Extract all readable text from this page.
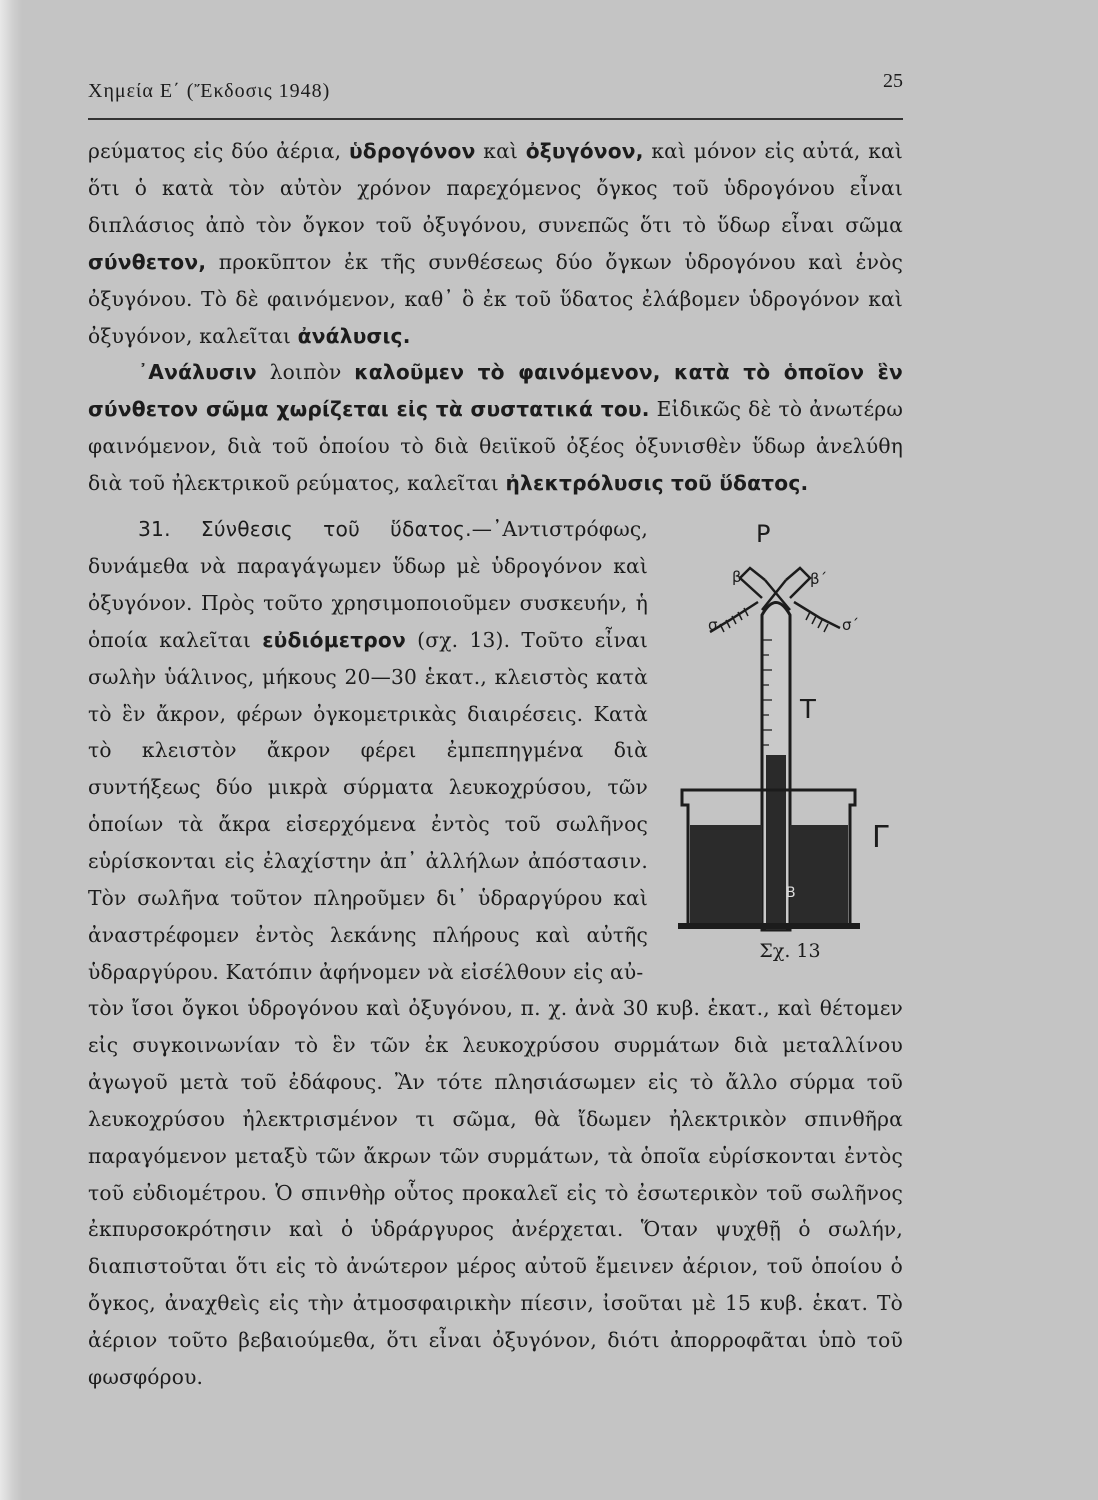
Χημεία Ε΄ (Ἔκδοσις 1948)	25

ρεύματος εἰς δύο ἀέρια, ὑδρογόνον καὶ ὀξυγόνον, καὶ μόνον εἰς αὐτά, καὶ ὅτι ὁ κατὰ τὸν αὐτὸν χρόνον παρεχόμενος ὄγκος τοῦ ὑδρογόνου εἶναι διπλάσιος ἀπὸ τὸν ὄγκον τοῦ ὀξυγόνου, συνεπῶς ὅτι τὸ ὕδωρ εἶναι σῶμα σύνθετον, προκῦπτον ἐκ τῆς συνθέσεως δύο ὄγκων ὑδρογόνου καὶ ἑνὸς ὀξυγόνου. Τὸ δὲ φαινόμενον, καθ᾽ ὃ ἐκ τοῦ ὕδατος ἐλάβομεν ὑδρογόνον καὶ ὀξυγόνον, καλεῖται ἀνάλυσις.

᾽Ανάλυσιν λοιπὸν καλοῦμεν τὸ φαινόμενον, κατὰ τὸ ὁποῖον ἓν σύνθετον σῶμα χωρίζεται εἰς τὰ συστατικά του. Εἰδικῶς δὲ τὸ ἀνωτέρω φαινόμενον, διὰ τοῦ ὁποίου τὸ διὰ θειϊκοῦ ὀξέος ὀξυνισθὲν ὕδωρ ἀνελύθη διὰ τοῦ ἠλεκτρικοῦ ρεύματος, καλεῖται ἠλεκτρόλυσις τοῦ ὕδατος.

31. Σύνθεσις τοῦ ὕδατος.—᾽Αντιστρόφως, δυνάμεθα νὰ παραγάγωμεν ὕδωρ μὲ ὑδρογόνον καὶ ὀξυγόνον. Πρὸς τοῦτο χρησιμοποιοῦμεν συσκευήν, ἡ ὁποία καλεῖται εὐδιόμετρον (σχ. 13). Τοῦτο εἶναι σωλὴν ὑάλινος, μήκους 20—30 ἑκατ., κλειστὸς κατὰ τὸ ἓν ἄκρον, φέρων ὀγκομετρικὰς διαιρέσεις. Κατὰ τὸ κλειστὸν ἄκρον φέρει ἐμπεπηγμένα διὰ συντήξεως δύο μικρὰ σύρματα λευκοχρύσου, τῶν ὁποίων τὰ ἄκρα εἰσερχόμενα ἐντὸς τοῦ σωλῆνος εὑρίσκονται εἰς ἐλαχίστην ἀπ᾽ ἀλλήλων ἀπόστασιν. Τὸν σωλῆνα τοῦτον πληροῦμεν δι᾽ ὑδραργύρου καὶ ἀναστρέφομεν ἐντὸς λεκάνης πλήρους καὶ αὐτῆς ὑδραργύρου. Κατόπιν ἀφήνομεν νὰ εἰσέλθουν εἰς αὐ-

τὸν ἴσοι ὄγκοι ὑδρογόνου καὶ ὀξυγόνου, π. χ. ἀνὰ 30 κυβ. ἑκατ., καὶ θέτομεν εἰς συγκοινωνίαν τὸ ἓν τῶν ἐκ λευκοχρύσου συρμάτων διὰ μεταλλίνου ἀγωγοῦ μετὰ τοῦ ἐδάφους. Ἂν τότε πλησιάσωμεν εἰς τὸ ἄλλο σύρμα τοῦ λευκοχρύσου ἠλεκτρισμένον τι σῶμα, θὰ ἴδωμεν ἠλεκτρικὸν σπινθῆρα παραγόμενον μεταξὺ τῶν ἄκρων τῶν συρμάτων, τὰ ὁποῖα εὑρίσκονται ἐντὸς τοῦ εὐδιομέτρου. Ὁ σπινθὴρ οὗτος προκαλεῖ εἰς τὸ ἐσωτερικὸν τοῦ σωλῆνος ἐκπυρσοκρότησιν καὶ ὁ ὑδράργυρος ἀνέρχεται. Ὅταν ψυχθῇ ὁ σωλήν, διαπιστοῦται ὅτι εἰς τὸ ἀνώτερον μέρος αὐτοῦ ἔμεινεν ἀέριον, τοῦ ὁποίου ὁ ὄγκος, ἀναχθεὶς εἰς τὴν ἀτμοσφαιρικὴν πίεσιν, ἰσοῦται μὲ 15 κυβ. ἑκατ. Τὸ ἀέριον τοῦτο βεβαιούμεθα, ὅτι εἶναι ὀξυγόνον, διότι ἀπορροφᾶται ὑπὸ τοῦ φωσφόρου.

P
T
Γ
β	β΄
σ	σ΄
B
Σχ. 13
